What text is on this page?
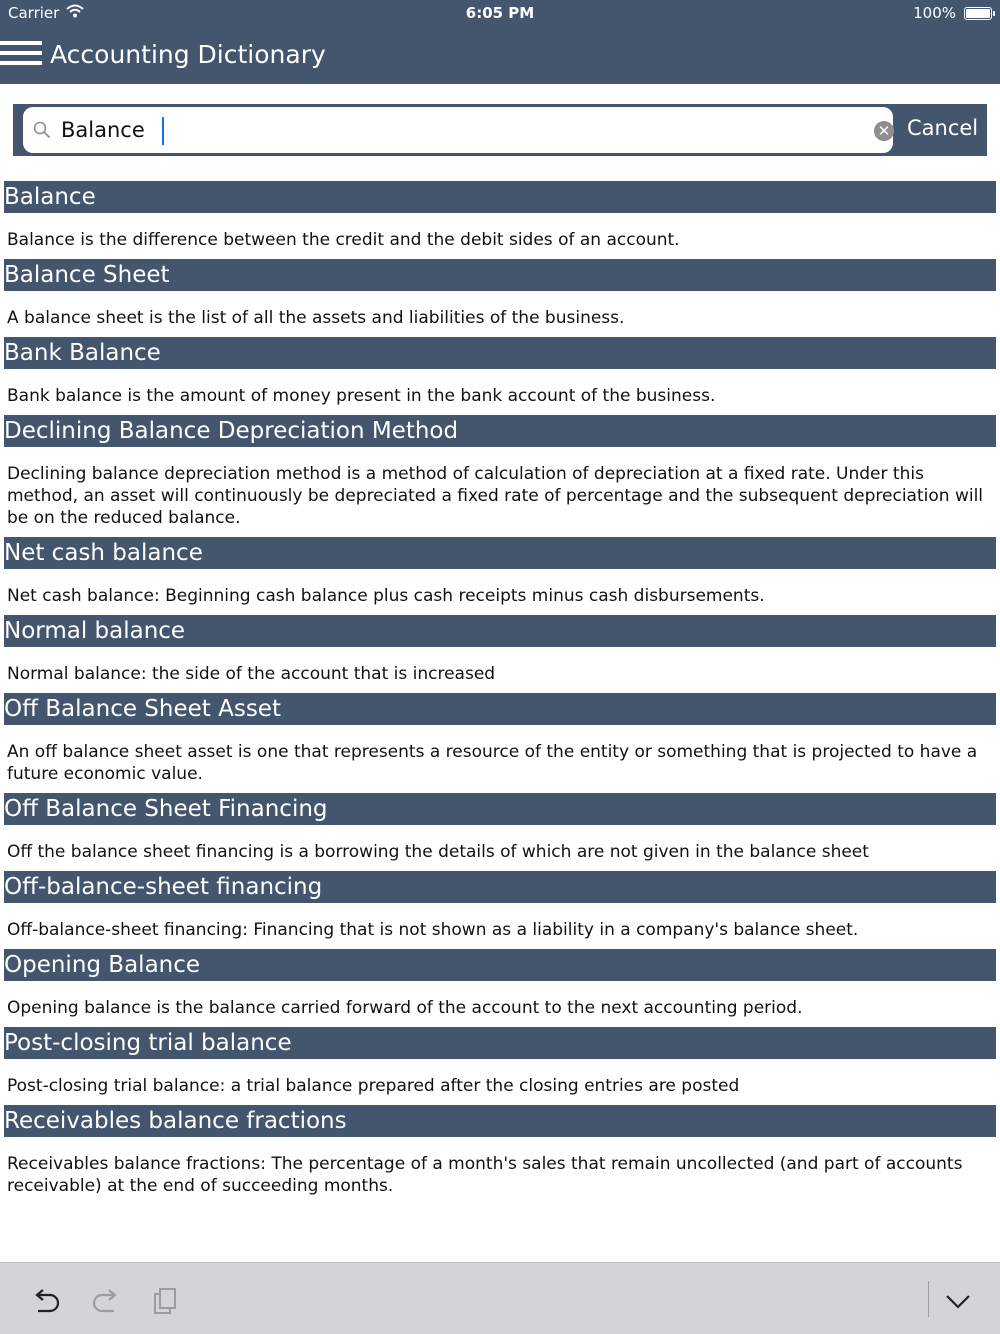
Carrier	6:05 PM	100%
Accounting Dictionary
Balance
✕ Cancel
Balance
Balance is the difference between the credit and the debit sides of an account.
Balance Sheet
A balance sheet is the list of all the assets and liabilities of the business.
Bank Balance
Bank balance is the amount of money present in the bank account of the business.
Declining Balance Depreciation Method
Declining balance depreciation method is a method of calculation of depreciation at a fixed rate. Under this method, an asset will continuously be depreciated a fixed rate of percentage and the subsequent depreciation will be on the reduced balance.
Net cash balance
Net cash balance: Beginning cash balance plus cash receipts minus cash disbursements.
Normal balance
Normal balance: the side of the account that is increased
Off Balance Sheet Asset
An off balance sheet asset is one that represents a resource of the entity or something that is projected to have a future economic value.
Off Balance Sheet Financing
Off the balance sheet financing is a borrowing the details of which are not given in the balance sheet
Off-balance-sheet financing
Off-balance-sheet financing: Financing that is not shown as a liability in a company's balance sheet.
Opening Balance
Opening balance is the balance carried forward of the account to the next accounting period.
Post-closing trial balance
Post-closing trial balance: a trial balance prepared after the closing entries are posted
Receivables balance fractions
Receivables balance fractions: The percentage of a month's sales that remain uncollected (and part of accounts receivable) at the end of succeeding months.
